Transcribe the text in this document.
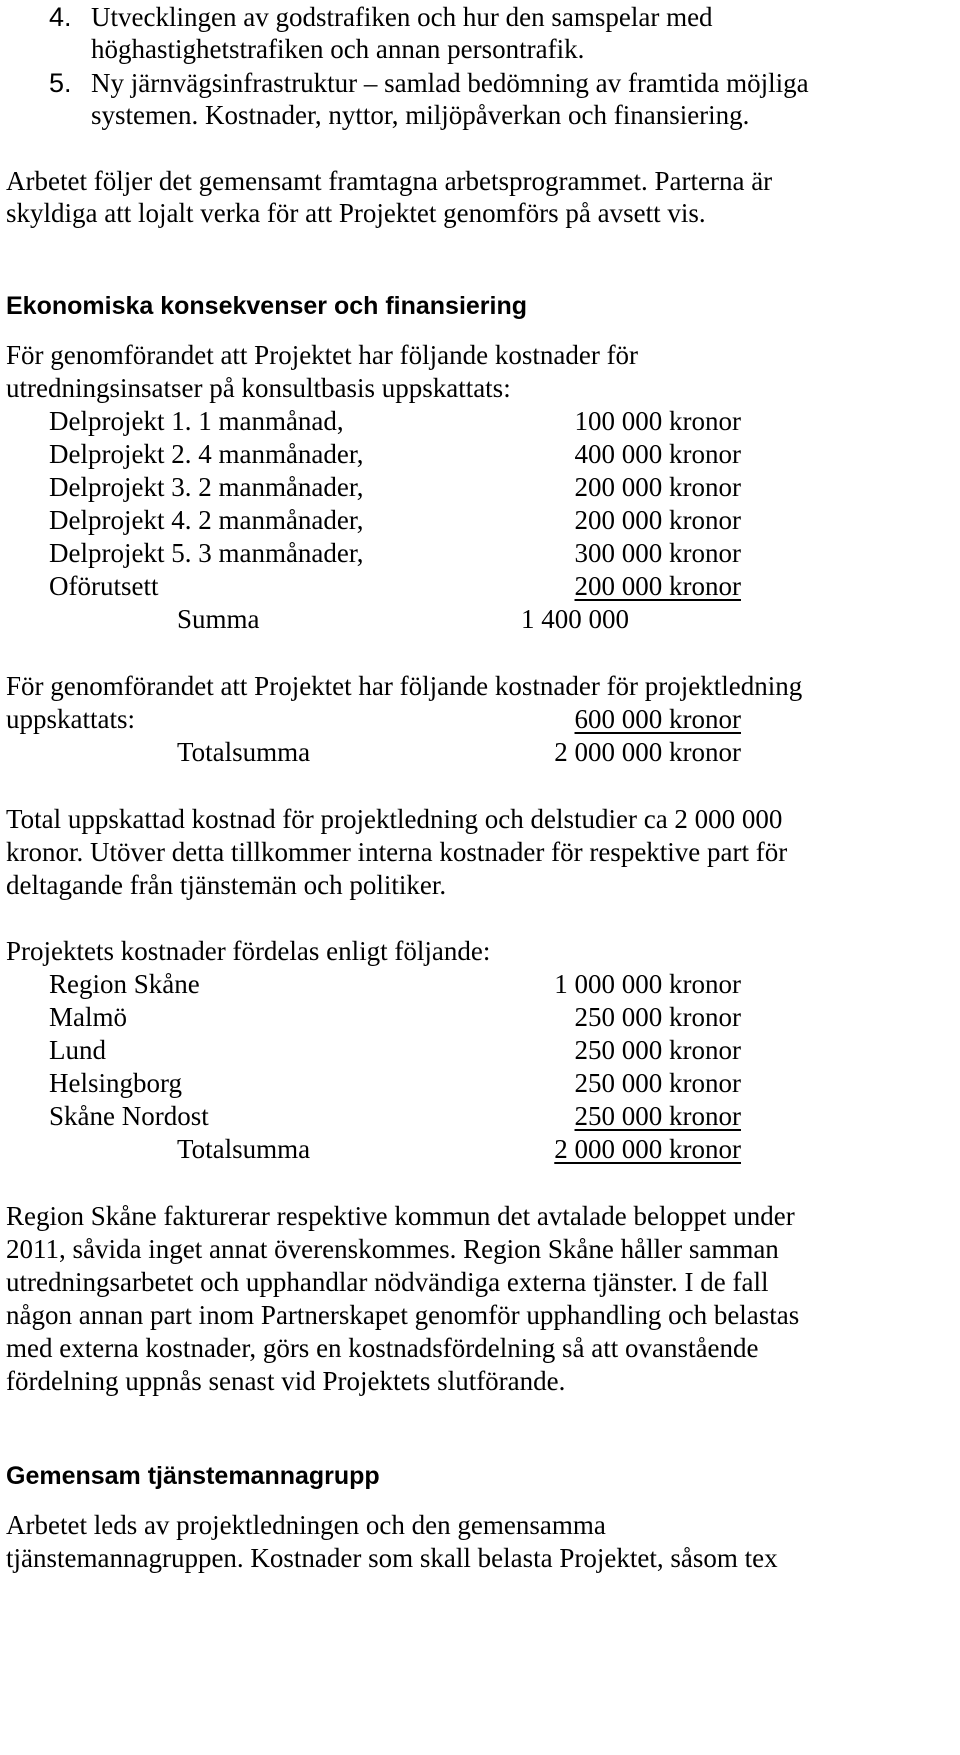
4. Utvecklingen av godstrafiken och hur den samspelar med
höghastighetstrafiken och annan persontrafik.
5. Ny järnvägsinfrastruktur – samlad bedömning av framtida möjliga
systemen. Kostnader, nyttor, miljöpåverkan och finansiering.
Arbetet följer det gemensamt framtagna arbetsprogrammet. Parterna är
skyldiga att lojalt verka för att Projektet genomförs på avsett vis.
Ekonomiska konsekvenser och finansiering
För genomförandet att Projektet har följande kostnader för
utredningsinsatser på konsultbasis uppskattats:
Delprojekt 1. 1 manmånad,	100 000 kronor
Delprojekt 2. 4 manmånader,	400 000 kronor
Delprojekt 3. 2 manmånader,	200 000 kronor
Delprojekt 4. 2 manmånader,	200 000 kronor
Delprojekt 5. 3 manmånader,	300 000 kronor
Oförutsett	200 000 kronor
Summa	1 400 000
För genomförandet att Projektet har följande kostnader för projektledning
uppskattats:	600 000 kronor
Totalsumma	2 000 000 kronor
Total uppskattad kostnad för projektledning och delstudier ca 2 000 000
kronor. Utöver detta tillkommer interna kostnader för respektive part för
deltagande från tjänstemän och politiker.
Projektets kostnader fördelas enligt följande:
Region Skåne	1 000 000 kronor
Malmö	250 000 kronor
Lund	250 000 kronor
Helsingborg	250 000 kronor
Skåne Nordost	250 000 kronor
Totalsumma	2 000 000 kronor
Region Skåne fakturerar respektive kommun det avtalade beloppet under
2011, såvida inget annat överenskommes. Region Skåne håller samman
utredningsarbetet och upphandlar nödvändiga externa tjänster. I de fall
någon annan part inom Partnerskapet genomför upphandling och belastas
med externa kostnader, görs en kostnadsfördelning så att ovanstående
fördelning uppnås senast vid Projektets slutförande.
Gemensam tjänstemannagrupp
Arbetet leds av projektledningen och den gemensamma
tjänstemannagruppen. Kostnader som skall belasta Projektet, såsom tex
